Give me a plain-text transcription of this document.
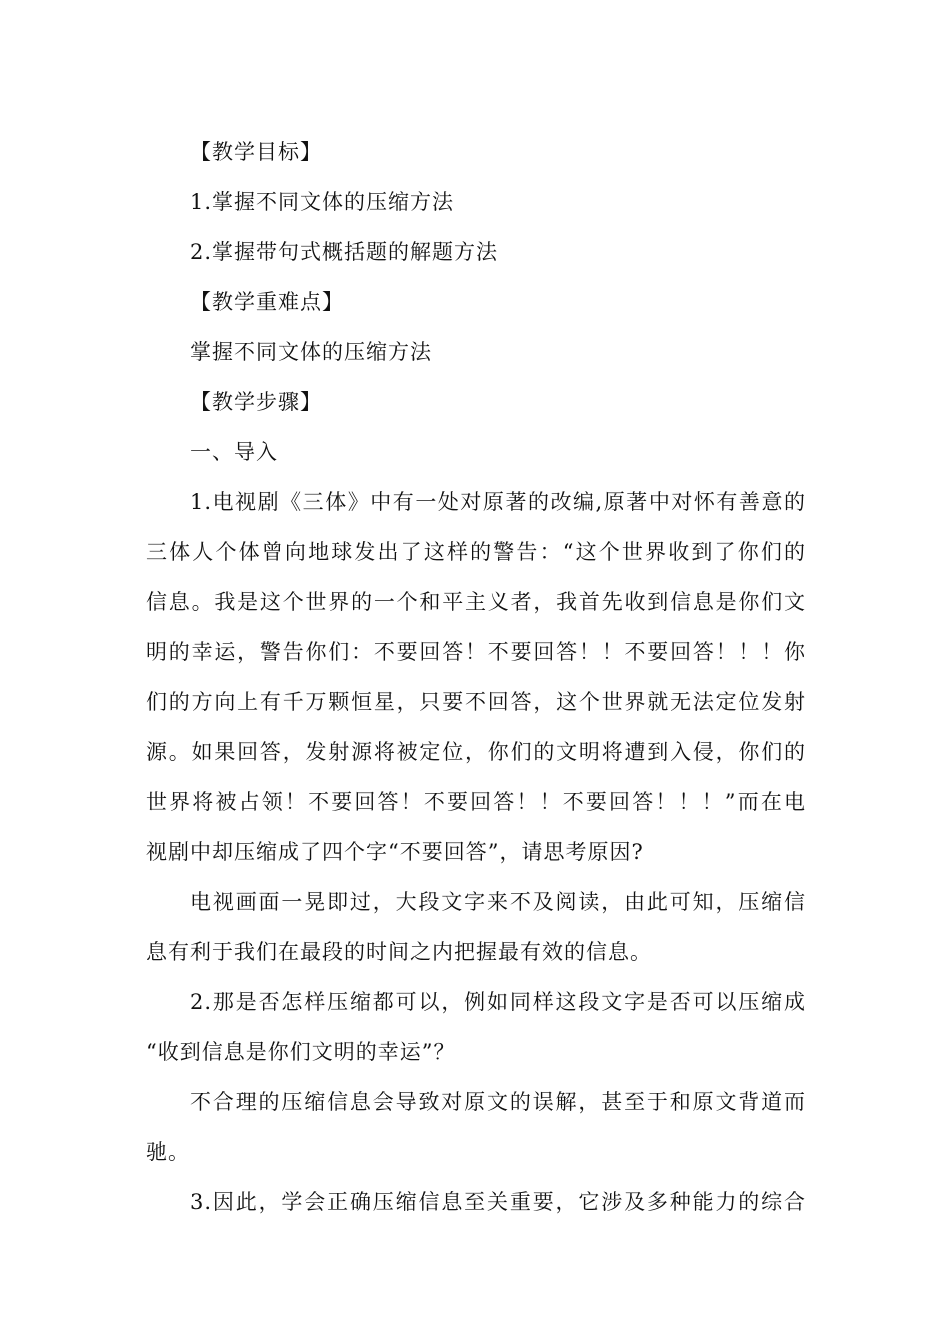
【教学目标】
1.掌握不同文体的压缩方法
2.掌握带句式概括题的解题方法
【教学重难点】
掌握不同文体的压缩方法
【教学步骤】
一、导入
1.电视剧《三体》中有一处对原著的改编,原著中对怀有善意的
三体人个体曾向地球发出了这样的警告：“这个世界收到了你们的
信息。我是这个世界的一个和平主义者，我首先收到信息是你们文
明的幸运，警告你们：不要回答！不要回答！！不要回答！！！你
们的方向上有千万颗恒星，只要不回答，这个世界就无法定位发射
源。如果回答，发射源将被定位，你们的文明将遭到入侵，你们的
世界将被占领！不要回答！不要回答！！不要回答！！！”而在电
视剧中却压缩成了四个字“不要回答”，请思考原因?
电视画面一晃即过，大段文字来不及阅读，由此可知，压缩信
息有利于我们在最段的时间之内把握最有效的信息。
2.那是否怎样压缩都可以，例如同样这段文字是否可以压缩成
“收到信息是你们文明的幸运”？
不合理的压缩信息会导致对原文的误解，甚至于和原文背道而
驰。
3.因此，学会正确压缩信息至关重要，它涉及多种能力的综合
